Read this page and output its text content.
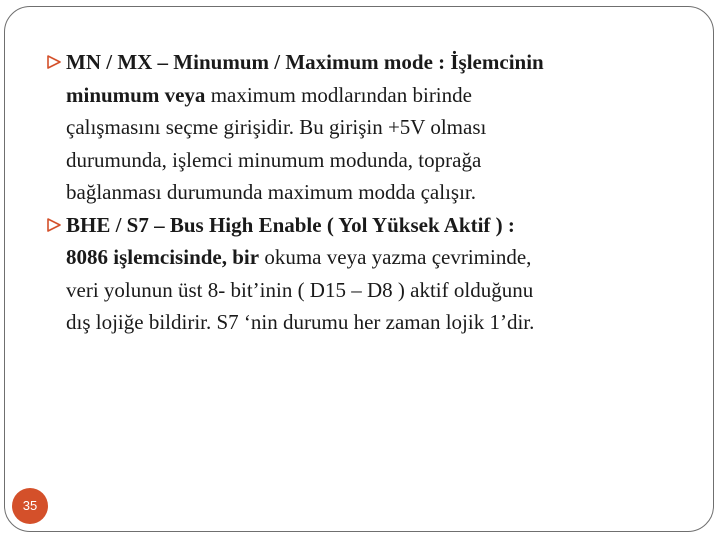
MN / MX – Minumum / Maximum mode : İşlemcinin
minumum veya maximum modlarından birinde
çalışmasını seçme girişidir. Bu girişin +5V olması
durumunda, işlemci minumum modunda, toprağa
bağlanması durumunda maximum modda çalışır.
BHE / S7 – Bus High Enable ( Yol Yüksek Aktif ) :
8086 işlemcisinde, bir okuma veya yazma çevriminde,
veri yolunun üst 8- bit’inin ( D15 – D8 ) aktif olduğunu
dış lojiğe bildirir. S7 ‘nin durumu her zaman lojik 1’dir.
35
